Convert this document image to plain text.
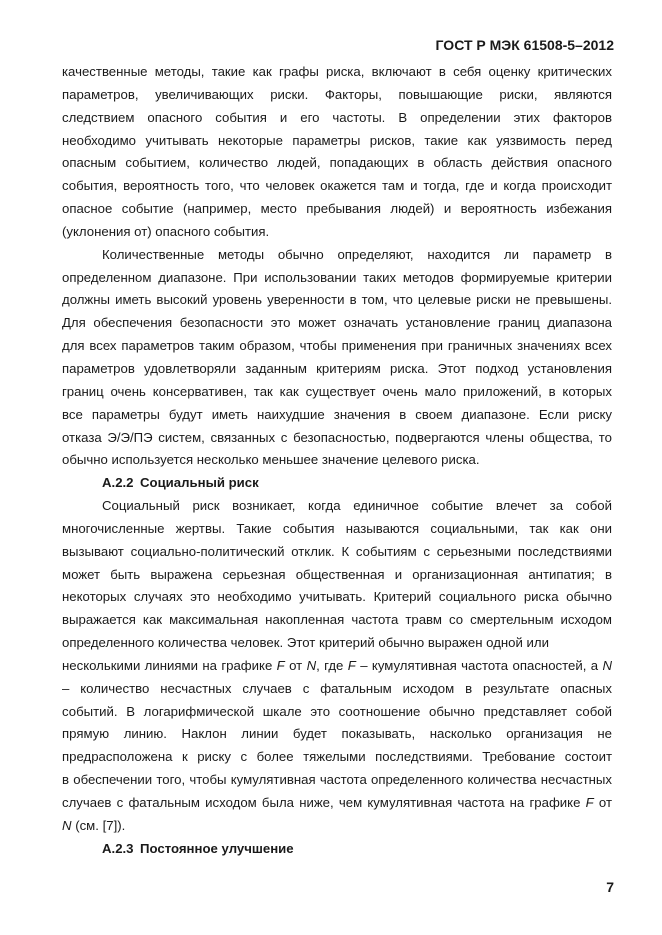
ГОСТ Р МЭК 61508-5–2012
качественные методы, такие как графы риска, включают в себя оценку критических
параметров, увеличивающих риски. Факторы, повышающие риски, являются
следствием опасного события и его частоты. В определении этих факторов
необходимо учитывать некоторые параметры рисков, такие как уязвимость перед
опасным событием, количество людей, попадающих в область действия опасного
события, вероятность того, что человек окажется там и тогда, где и когда происходит
опасное событие (например, место пребывания людей) и вероятность избежания
(уклонения от) опасного события.
Количественные методы обычно определяют, находится ли параметр в
определенном диапазоне. При использовании таких методов формируемые критерии
должны иметь высокий уровень уверенности в том, что целевые риски не превышены.
Для обеспечения безопасности это может означать установление границ диапазона
для всех параметров таким образом, чтобы применения при граничных значениях всех
параметров удовлетворяли заданным критериям риска. Этот подход установления
границ очень консервативен, так как существует очень мало приложений, в которых
все параметры будут иметь наихудшие значения в своем диапазоне. Если риску
отказа Э/Э/ПЭ систем, связанных с безопасностью, подвергаются члены общества, то
обычно используется несколько меньшее значение целевого риска.
А.2.2 Социальный риск
Социальный риск возникает, когда единичное событие влечет за собой
многочисленные жертвы. Такие события называются социальными, так как они
вызывают социально-политический отклик. К событиям с серьезными последствиями
может быть выражена серьезная общественная и организационная антипатия; в
некоторых случаях это необходимо учитывать. Критерий социального риска обычно
выражается как максимальная накопленная частота травм со смертельным исходом
определенного количества человек. Этот критерий обычно выражен одной или
несколькими линиями на графике F от N, где F – кумулятивная частота опасностей, а N
– количество несчастных случаев с фатальным исходом в результате опасных
событий. В логарифмической шкале это соотношение обычно представляет собой
прямую линию. Наклон линии будет показывать, насколько организация не
предрасположена к риску с более тяжелыми последствиями. Требование состоит
в обеспечении того, чтобы кумулятивная частота определенного количества несчастных
случаев с фатальным исходом была ниже, чем кумулятивная частота на графике F от
N (см. [7]).
А.2.3 Постоянное улучшение
7
